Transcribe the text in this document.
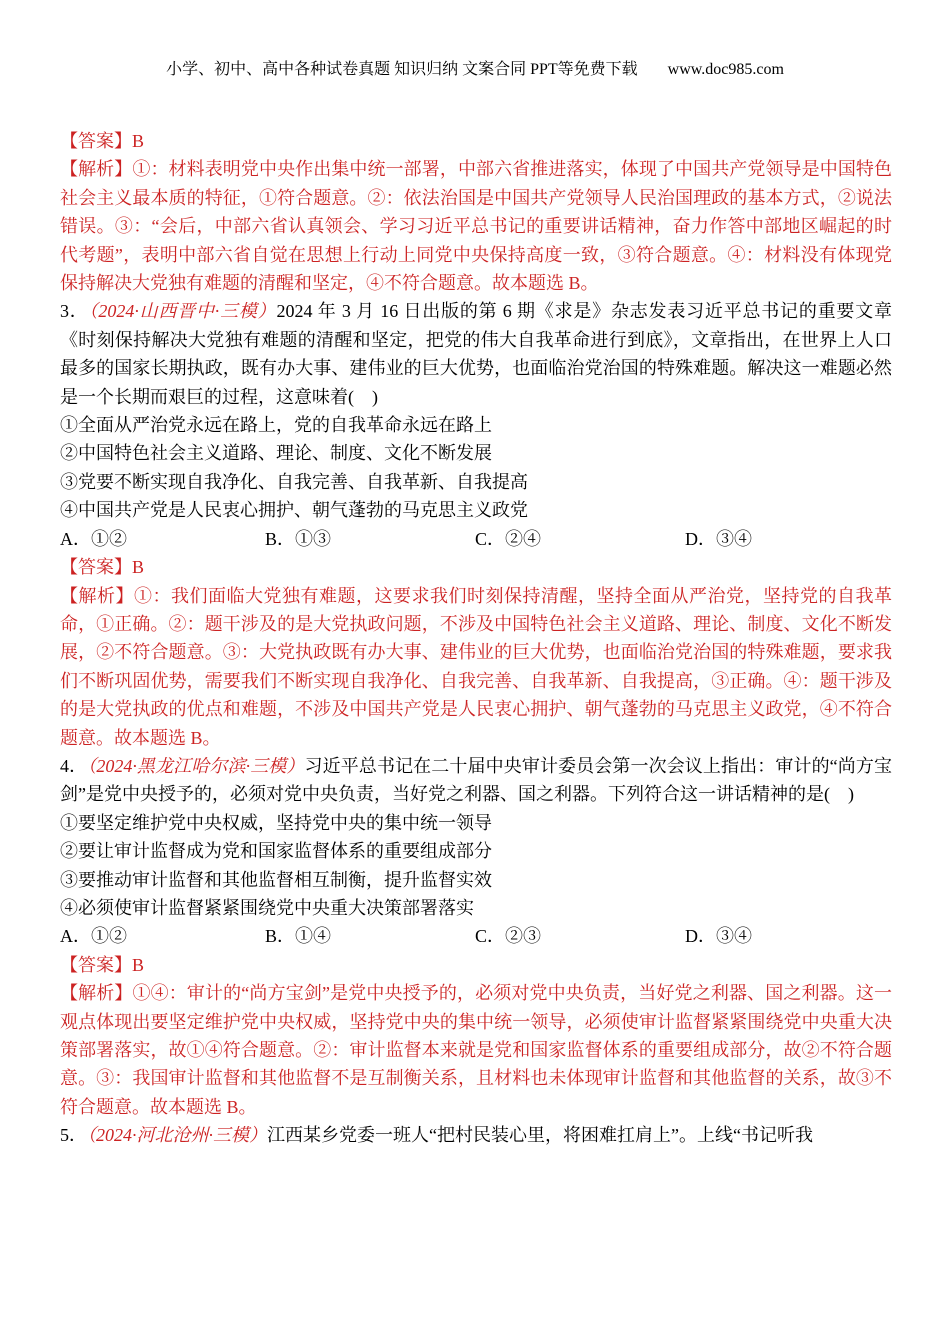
小学、初中、高中各种试卷真题 知识归纳 文案合同 PPT等免费下载 www.doc985.com
【答案】B
【解析】①：材料表明党中央作出集中统一部署，中部六省推进落实，体现了中国共产党领导是中国特色社会主义最本质的特征，①符合题意。②：依法治国是中国共产党领导人民治国理政的基本方式，②说法错误。③：“会后，中部六省认真领会、学习习近平总书记的重要讲话精神，奋力作答中部地区崛起的时代考题”，表明中部六省自觉在思想上行动上同党中央保持高度一致，③符合题意。④：材料没有体现党保持解决大党独有难题的清醒和坚定，④不符合题意。故本题选 B。
3．（2024·山西晋中·三模）2024 年 3 月 16 日出版的第 6 期《求是》杂志发表习近平总书记的重要文章《时刻保持解决大党独有难题的清醒和坚定，把党的伟大自我革命进行到底》，文章指出，在世界上人口最多的国家长期执政，既有办大事、建伟业的巨大优势，也面临治党治国的特殊难题。解决这一难题必然是一个长期而艰巨的过程，这意味着(　)
①全面从严治党永远在路上，党的自我革命永远在路上
②中国特色社会主义道路、理论、制度、文化不断发展
③党要不断实现自我净化、自我完善、自我革新、自我提高
④中国共产党是人民衷心拥护、朝气蓬勃的马克思主义政党
A．①②	B．①③	C．②④	D．③④
【答案】B
【解析】①：我们面临大党独有难题，这要求我们时刻保持清醒，坚持全面从严治党，坚持党的自我革命，①正确。②：题干涉及的是大党执政问题，不涉及中国特色社会主义道路、理论、制度、文化不断发展，②不符合题意。③：大党执政既有办大事、建伟业的巨大优势，也面临治党治国的特殊难题，要求我们不断巩固优势，需要我们不断实现自我净化、自我完善、自我革新、自我提高，③正确。④：题干涉及的是大党执政的优点和难题，不涉及中国共产党是人民衷心拥护、朝气蓬勃的马克思主义政党，④不符合题意。故本题选 B。
4．（2024·黑龙江哈尔滨·三模）习近平总书记在二十届中央审计委员会第一次会议上指出：审计的“尚方宝剑”是党中央授予的，必须对党中央负责，当好党之利器、国之利器。下列符合这一讲话精神的是(　)
①要坚定维护党中央权威，坚持党中央的集中统一领导
②要让审计监督成为党和国家监督体系的重要组成部分
③要推动审计监督和其他监督相互制衡，提升监督实效
④必须使审计监督紧紧围绕党中央重大决策部署落实
A．①②	B．①④	C．②③	D．③④
【答案】B
【解析】①④：审计的“尚方宝剑”是党中央授予的，必须对党中央负责，当好党之利器、国之利器。这一观点体现出要坚定维护党中央权威，坚持党中央的集中统一领导，必须使审计监督紧紧围绕党中央重大决策部署落实，故①④符合题意。②：审计监督本来就是党和国家监督体系的重要组成部分，故②不符合题意。③：我国审计监督和其他监督不是互制衡关系，且材料也未体现审计监督和其他监督的关系，故③不符合题意。故本题选 B。
5．（2024·河北沧州·三模）江西某乡党委一班人“把村民装心里，将困难扛肩上”。上线“书记听我
